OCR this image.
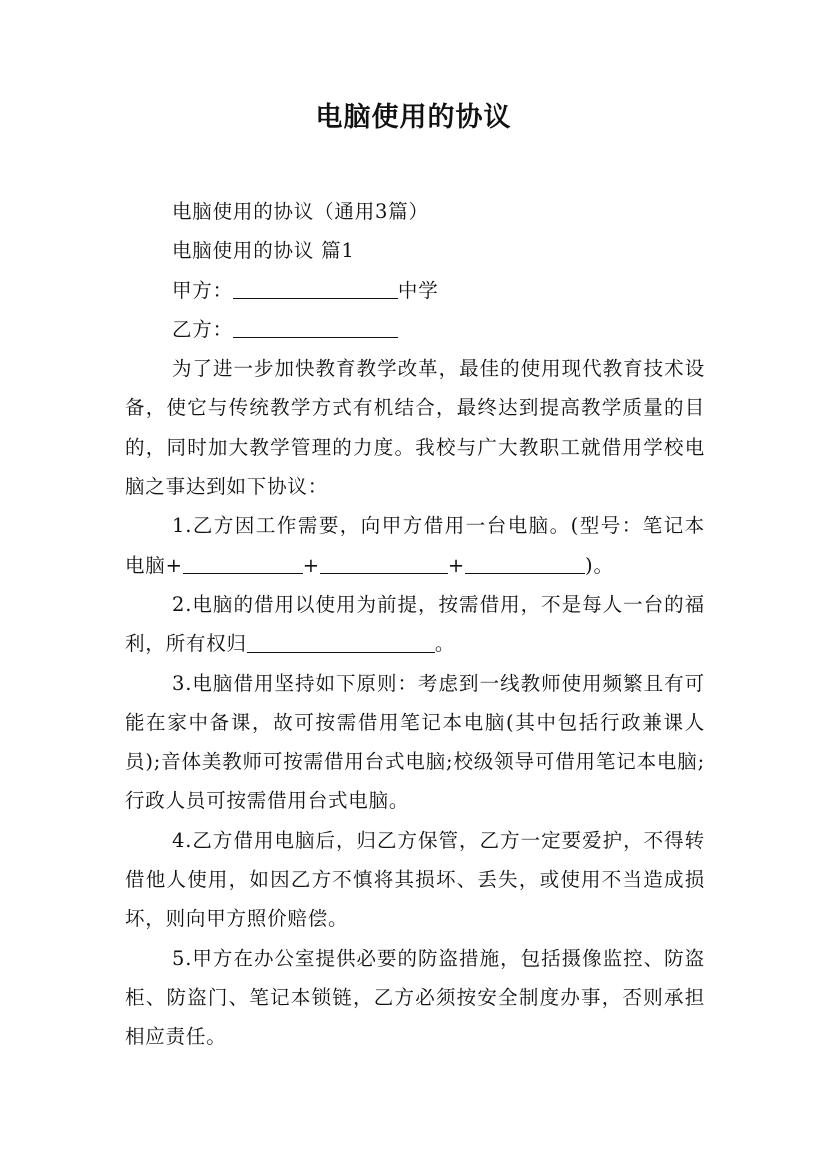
电脑使用的协议

电脑使用的协议（通用3篇）

电脑使用的协议 篇1

甲方：	中学

乙方：

为了进一步加快教育教学改革，最佳的使用现代教育技术设备，使它与传统教学方式有机结合，最终达到提高教学质量的目的，同时加大教学管理的力度。我校与广大教职工就借用学校电脑之事达到如下协议：

1.乙方因工作需要，向甲方借用一台电脑。(型号：笔记本电脑+	+	+	)。

2.电脑的借用以使用为前提，按需借用，不是每人一台的福利，所有权归	。

3.电脑借用坚持如下原则：考虑到一线教师使用频繁且有可能在家中备课，故可按需借用笔记本电脑(其中包括行政兼课人员);音体美教师可按需借用台式电脑;校级领导可借用笔记本电脑;行政人员可按需借用台式电脑。

4.乙方借用电脑后，归乙方保管，乙方一定要爱护，不得转借他人使用，如因乙方不慎将其损坏、丢失，或使用不当造成损坏，则向甲方照价赔偿。

5.甲方在办公室提供必要的防盗措施，包括摄像监控、防盗柜、防盗门、笔记本锁链，乙方必须按安全制度办事，否则承担相应责任。
